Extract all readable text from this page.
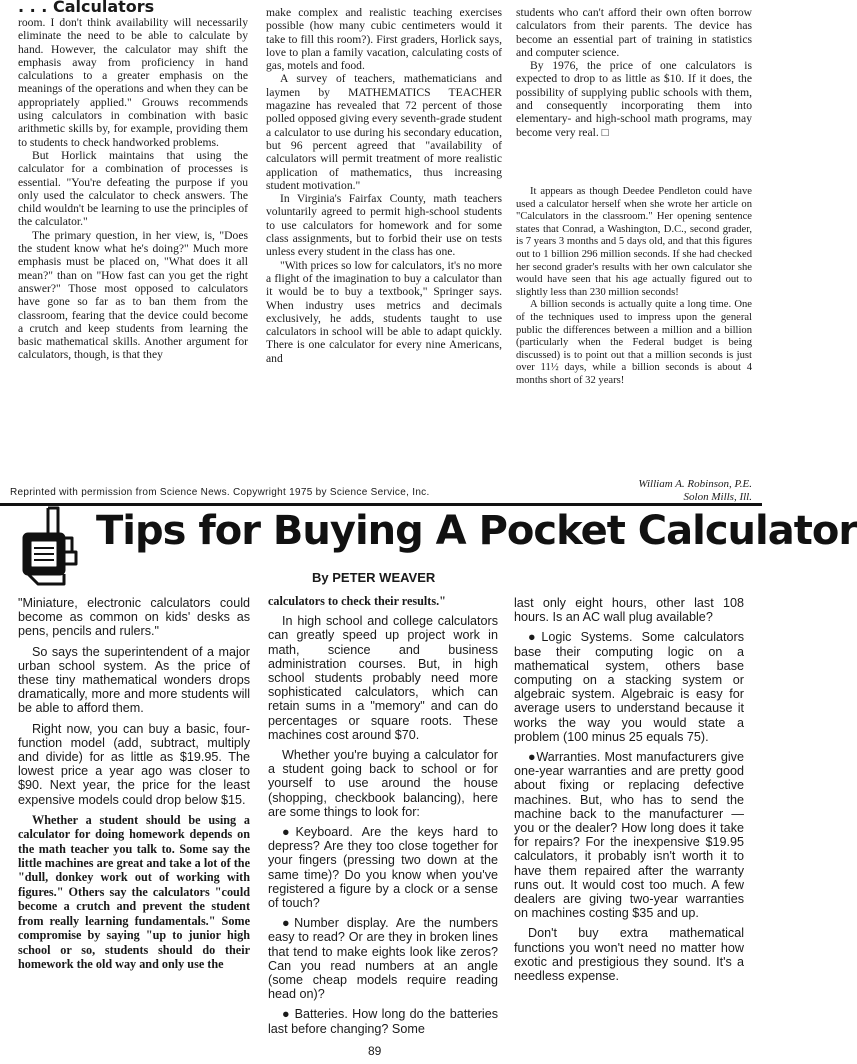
. . . Calculators

room. I don't think availability will necessarily eliminate the need to be able to calculate by hand. However, the calculator may shift the emphasis away from proficiency in hand calculations to a greater emphasis on the meanings of the operations and when they can be appropriately applied." Grouws recommends using calculators in combination with basic arithmetic skills by, for example, providing them to students to check handworked problems.

But Horlick maintains that using the calculator for a combination of processes is essential. "You're defeating the purpose if you only used the calculator to check answers. The child wouldn't be learning to use the principles of the calculator."

The primary question, in her view, is, "Does the student know what he's doing?" Much more emphasis must be placed on, "What does it all mean?" than on "How fast can you get the right answer?" Those most opposed to calculators have gone so far as to ban them from the classroom, fearing that the device could become a crutch and keep students from learning the basic mathematical skills. Another argument for calculators, though, is that they

make complex and realistic teaching exercises possible (how many cubic centimeters would it take to fill this room?). First graders, Horlick says, love to plan a family vacation, calculating costs of gas, motels and food.

A survey of teachers, mathematicians and laymen by MATHEMATICS TEACHER magazine has revealed that 72 percent of those polled opposed giving every seventh-grade student a calculator to use during his secondary education, but 96 percent agreed that "availability of calculators will permit treatment of more realistic application of mathematics, thus increasing student motivation."

In Virginia's Fairfax County, math teachers voluntarily agreed to permit high-school students to use calculators for homework and for some class assignments, but to forbid their use on tests unless every student in the class has one.

"With prices so low for calculators, it's no more a flight of the imagination to buy a calculator than it would be to buy a textbook," Springer says. When industry uses metrics and decimals exclusively, he adds, students taught to use calculators in school will be able to adapt quickly. There is one calculator for every nine Americans, and

students who can't afford their own often borrow calculators from their parents. The device has become an essential part of training in statistics and computer science.

By 1976, the price of one calculators is expected to drop to as little as $10. If it does, the possibility of supplying public schools with them, and consequently incorporating them into elementary- and high-school math programs, may become very real. □

It appears as though Deedee Pendleton could have used a calculator herself when she wrote her article on "Calculators in the classroom." Her opening sentence states that Conrad, a Washington, D.C., second grader, is 7 years 3 months and 5 days old, and that this figures out to 1 billion 296 million seconds. If she had checked her second grader's results with her own calculator she would have seen that his age actually figured out to slightly less than 230 million seconds!

A billion seconds is actually quite a long time. One of the techniques used to impress upon the general public the differences between a million and a billion (particularly when the Federal budget is being discussed) is to point out that a million seconds is just over 11½ days, while a billion seconds is about 4 months short of 32 years!

William A. Robinson, P.E.
Solon Mills, Ill.
Reprinted with permission from Science News. Copywright 1975 by Science Service, Inc.
Tips for Buying A Pocket Calculator
By PETER WEAVER

"Miniature, electronic calculators could become as common on kids' desks as pens, pencils and rulers."

So says the superintendent of a major urban school system. As the price of these tiny mathematical wonders drops dramatically, more and more students will be able to afford them.

Right now, you can buy a basic, four-function model (add, subtract, multiply and divide) for as little as $19.95. The lowest price a year ago was closer to $90. Next year, the price for the least expensive models could drop below $15.

Whether a student should be using a calculator for doing homework depends on the math teacher you talk to. Some say the little machines are great and take a lot of the "dull, donkey work out of working with figures." Others say the calculators "could become a crutch and prevent the student from really learning fundamentals." Some compromise by saying "up to junior high school or so, students should do their homework the old way and only use the

calculators to check their results."

In high school and college calculators can greatly speed up project work in math, science and business administration courses. But, in high school students probably need more sophisticated calculators, which can retain sums in a "memory" and can do percentages or square roots. These machines cost around $70.

Whether you're buying a calculator for a student going back to school or for yourself to use around the house (shopping, checkbook balancing), here are some things to look for:

●Keyboard. Are the keys hard to depress? Are they too close together for your fingers (pressing two down at the same time)? Do you know when you've registered a figure by a clock or a sense of touch?

●Number display. Are the numbers easy to read? Or are they in broken lines that tend to make eights look like zeros? Can you read numbers at an angle (some cheap models require reading head on)?

● Batteries. How long do the batteries last before changing? Some

last only eight hours, other last 108 hours. Is an AC wall plug available?

●Logic Systems. Some calculators base their computing logic on a mathematical system, others base computing on a stacking system or algebraic system. Algebraic is easy for average users to understand because it works the way you would state a problem (100 minus 25 equals 75).

●Warranties. Most manufacturers give one-year warranties and are pretty good about fixing or replacing defective machines. But, who has to send the machine back to the manufacturer — you or the dealer? How long does it take for repairs? For the inexpensive $19.95 calculators, it probably isn't worth it to have them repaired after the warranty runs out. It would cost too much. A few dealers are giving two-year warranties on machines costing $35 and up.

Don't buy extra mathematical functions you won't need no matter how exotic and prestigious they sound. It's a needless expense.

89
